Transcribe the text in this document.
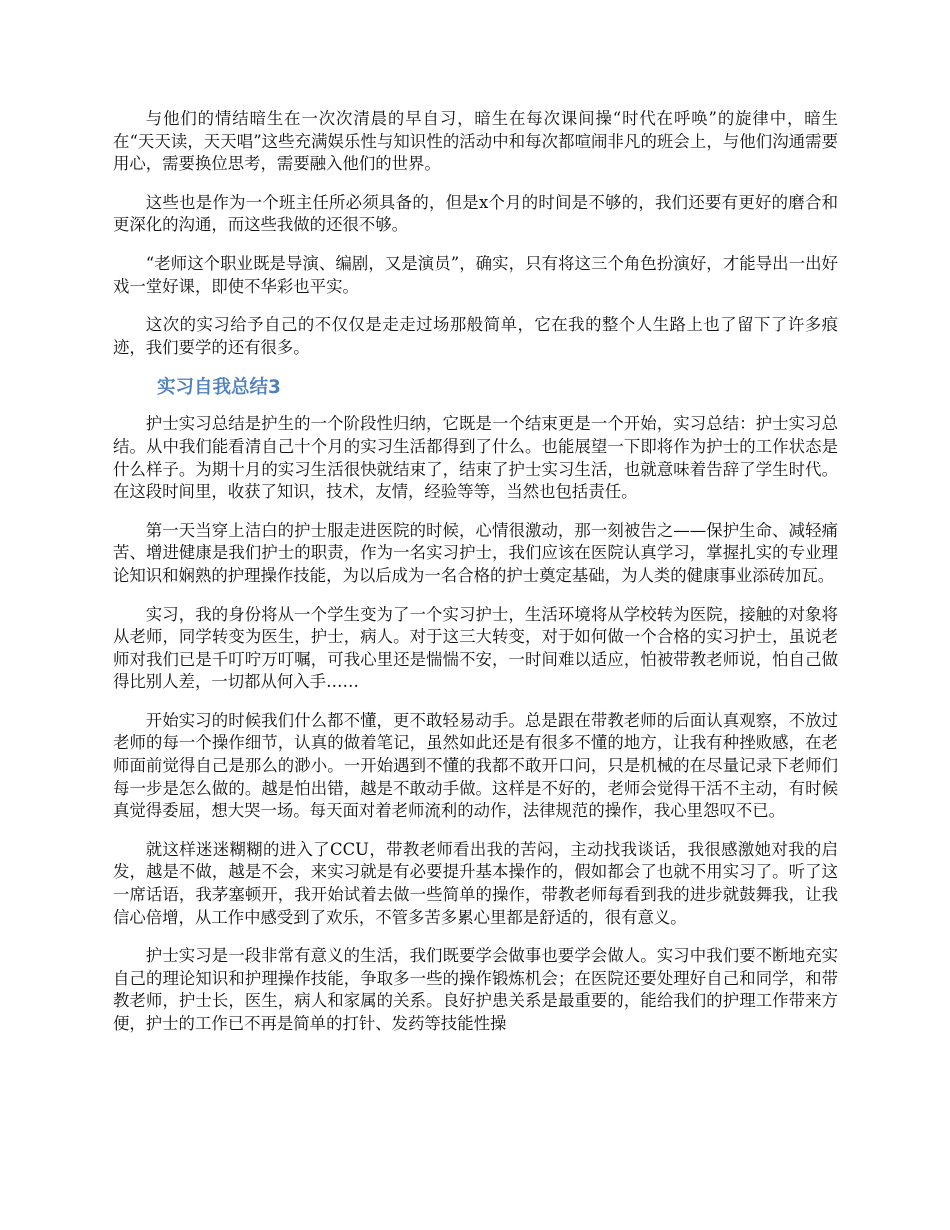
与他们的情结暗生在一次次清晨的早自习，暗生在每次课间操“时代在呼唤”的旋律中，暗生在“天天读，天天唱”这些充满娱乐性与知识性的活动中和每次都喧闹非凡的班会上，与他们沟通需要用心，需要换位思考，需要融入他们的世界。

这些也是作为一个班主任所必须具备的，但是x个月的时间是不够的，我们还要有更好的磨合和更深化的沟通，而这些我做的还很不够。

“老师这个职业既是导演、编剧，又是演员”，确实，只有将这三个角色扮演好，才能导出一出好戏一堂好课，即使不华彩也平实。

这次的实习给予自己的不仅仅是走走过场那般简单，它在我的整个人生路上也了留下了许多痕迹，我们要学的还有很多。

实习自我总结3

护士实习总结是护生的一个阶段性归纳，它既是一个结束更是一个开始，实习总结：护士实习总结。从中我们能看清自己十个月的实习生活都得到了什么。也能展望一下即将作为护士的工作状态是什么样子。为期十月的实习生活很快就结束了，结束了护士实习生活，也就意味着告辞了学生时代。在这段时间里，收获了知识，技术，友情，经验等等，当然也包括责任。

第一天当穿上洁白的护士服走进医院的时候，心情很激动，那一刻被告之——保护生命、减轻痛苦、增进健康是我们护士的职责，作为一名实习护士，我们应该在医院认真学习，掌握扎实的专业理论知识和娴熟的护理操作技能，为以后成为一名合格的护士奠定基础，为人类的健康事业添砖加瓦。

实习，我的身份将从一个学生变为了一个实习护士，生活环境将从学校转为医院，接触的对象将从老师，同学转变为医生，护士，病人。对于这三大转变，对于如何做一个合格的实习护士，虽说老师对我们已是千叮咛万叮嘱，可我心里还是惴惴不安，一时间难以适应，怕被带教老师说，怕自己做得比别人差，一切都从何入手……

开始实习的时候我们什么都不懂，更不敢轻易动手。总是跟在带教老师的后面认真观察，不放过老师的每一个操作细节，认真的做着笔记，虽然如此还是有很多不懂的地方，让我有种挫败感，在老师面前觉得自己是那么的渺小。一开始遇到不懂的我都不敢开口问，只是机械的在尽量记录下老师们每一步是怎么做的。越是怕出错，越是不敢动手做。这样是不好的，老师会觉得干活不主动，有时候真觉得委屈，想大哭一场。每天面对着老师流利的动作，法律规范的操作，我心里怨叹不已。

就这样迷迷糊糊的进入了CCU，带教老师看出我的苦闷，主动找我谈话，我很感激她对我的启发，越是不做，越是不会，来实习就是有必要提升基本操作的，假如都会了也就不用实习了。听了这一席话语，我茅塞顿开，我开始试着去做一些简单的操作，带教老师每看到我的进步就鼓舞我，让我信心倍增，从工作中感受到了欢乐，不管多苦多累心里都是舒适的，很有意义。

护士实习是一段非常有意义的生活，我们既要学会做事也要学会做人。实习中我们要不断地充实自己的理论知识和护理操作技能，争取多一些的操作锻炼机会；在医院还要处理好自己和同学，和带教老师，护士长，医生，病人和家属的关系。良好护患关系是最重要的，能给我们的护理工作带来方便，护士的工作已不再是简单的打针、发药等技能性操
